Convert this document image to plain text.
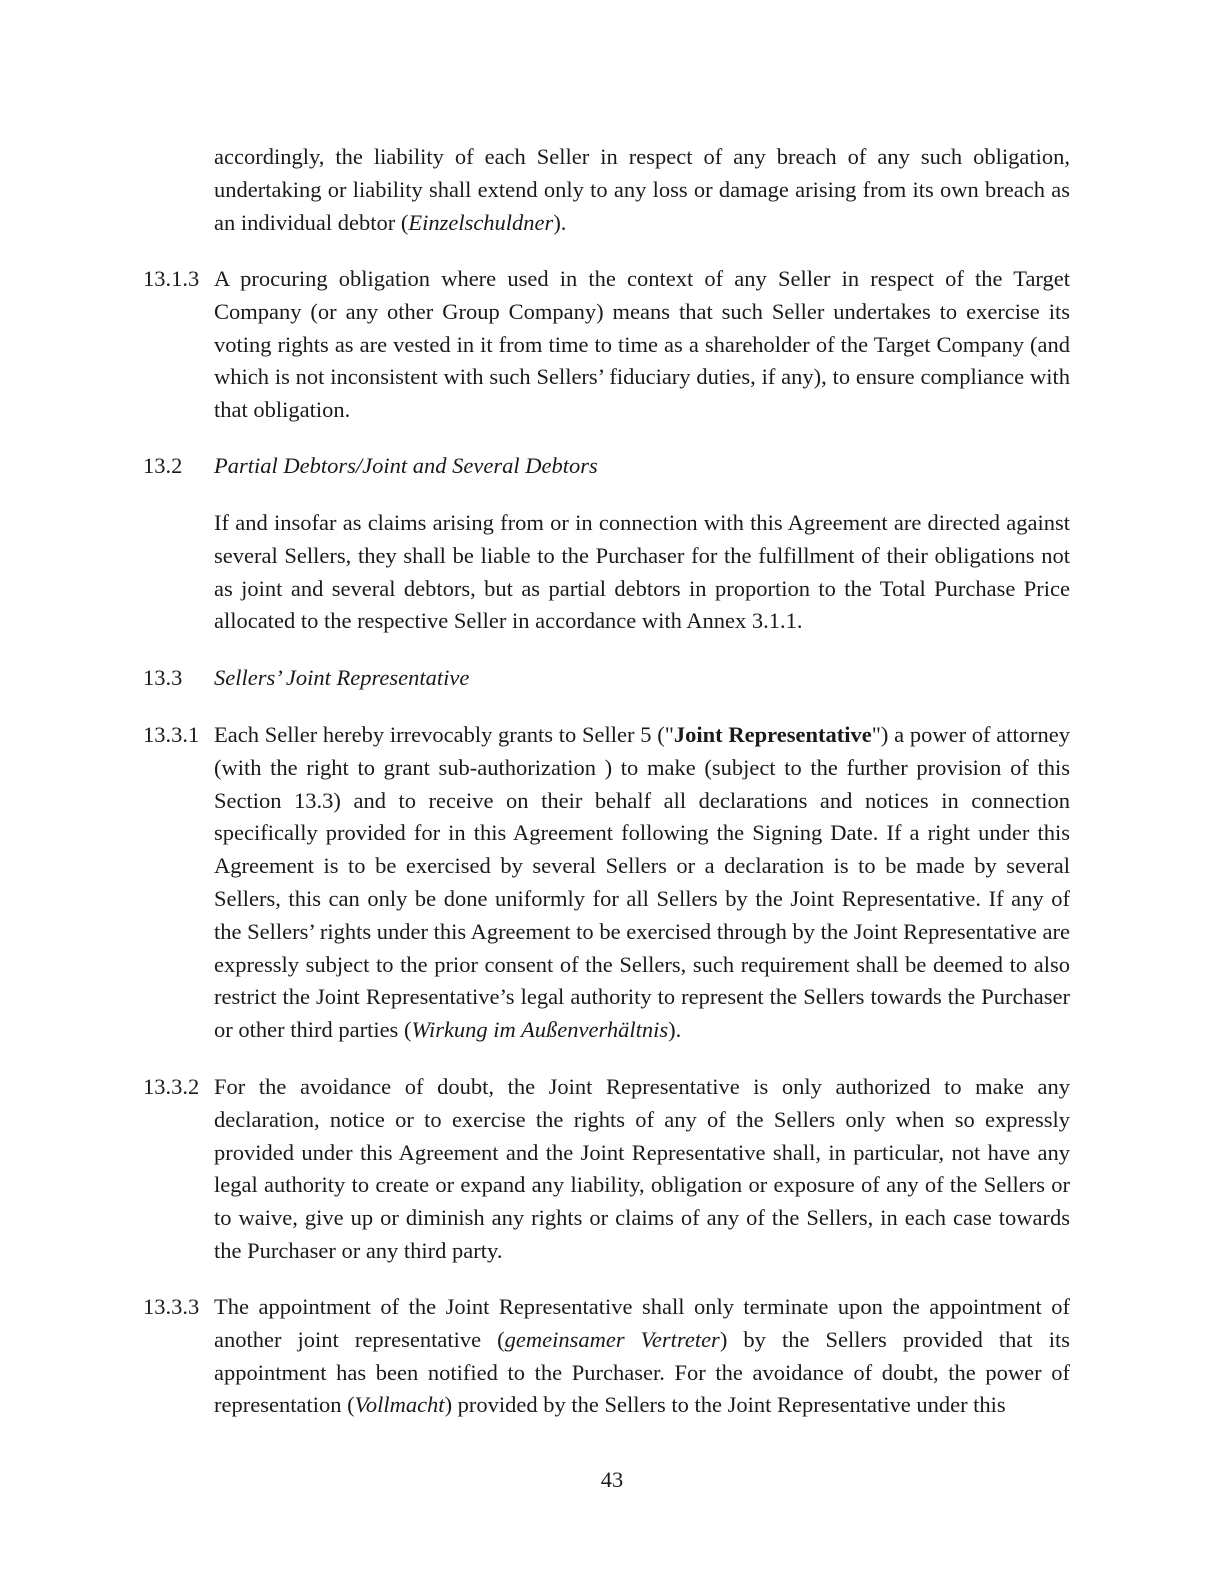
accordingly, the liability of each Seller in respect of any breach of any such obligation, undertaking or liability shall extend only to any loss or damage arising from its own breach as an individual debtor (Einzelschuldner).

13.1.3 A procuring obligation where used in the context of any Seller in respect of the Target Company (or any other Group Company) means that such Seller undertakes to exercise its voting rights as are vested in it from time to time as a shareholder of the Target Company (and which is not inconsistent with such Sellers’ fiduciary duties, if any), to ensure compliance with that obligation.

13.2 Partial Debtors/Joint and Several Debtors

If and insofar as claims arising from or in connection with this Agreement are directed against several Sellers, they shall be liable to the Purchaser for the fulfillment of their obligations not as joint and several debtors, but as partial debtors in proportion to the Total Purchase Price allocated to the respective Seller in accordance with Annex 3.1.1.

13.3 Sellers’ Joint Representative

13.3.1 Each Seller hereby irrevocably grants to Seller 5 ("Joint Representative") a power of attorney (with the right to grant sub-authorization ) to make (subject to the further provision of this Section 13.3) and to receive on their behalf all declarations and notices in connection specifically provided for in this Agreement following the Signing Date. If a right under this Agreement is to be exercised by several Sellers or a declaration is to be made by several Sellers, this can only be done uniformly for all Sellers by the Joint Representative. If any of the Sellers’ rights under this Agreement to be exercised through by the Joint Representative are expressly subject to the prior consent of the Sellers, such requirement shall be deemed to also restrict the Joint Representative’s legal authority to represent the Sellers towards the Purchaser or other third parties (Wirkung im Außenverhältnis).

13.3.2 For the avoidance of doubt, the Joint Representative is only authorized to make any declaration, notice or to exercise the rights of any of the Sellers only when so expressly provided under this Agreement and the Joint Representative shall, in particular, not have any legal authority to create or expand any liability, obligation or exposure of any of the Sellers or to waive, give up or diminish any rights or claims of any of the Sellers, in each case towards the Purchaser or any third party.

13.3.3 The appointment of the Joint Representative shall only terminate upon the appointment of another joint representative (gemeinsamer Vertreter) by the Sellers provided that its appointment has been notified to the Purchaser. For the avoidance of doubt, the power of representation (Vollmacht) provided by the Sellers to the Joint Representative under this

43
